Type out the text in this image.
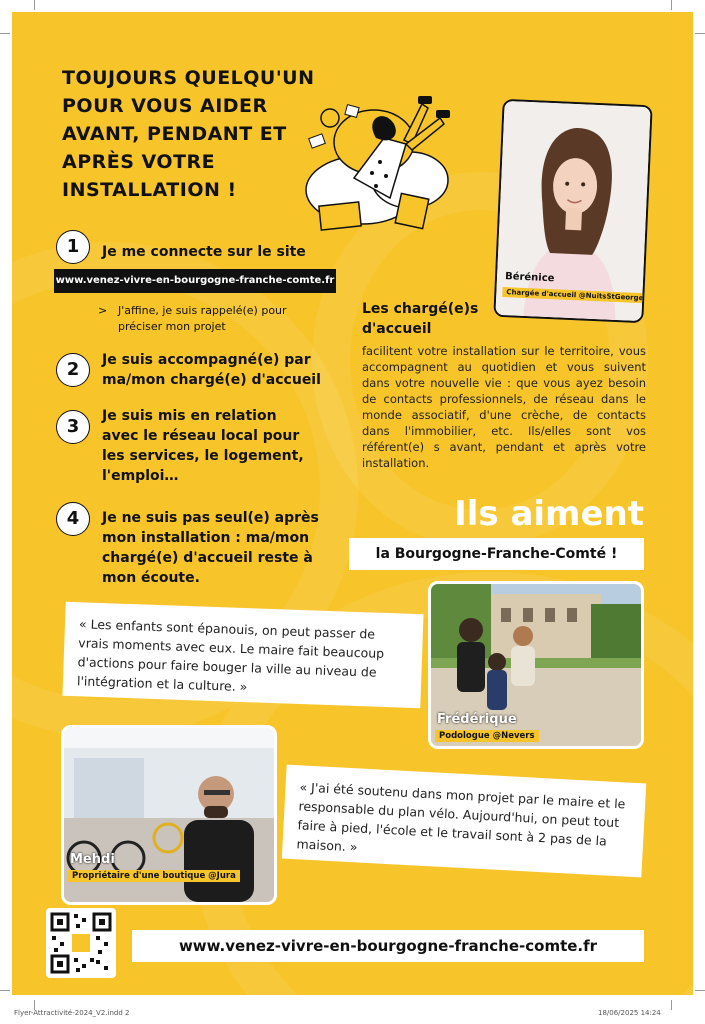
TOUJOURS QUELQU'UN POUR VOUS AIDER AVANT, PENDANT ET APRÈS VOTRE INSTALLATION !
Bérénice
Chargée d'accueil @NuitsStGeorges
1	Je me connecte sur le site

www.venez-vivre-en-bourgogne-franche-comte.fr
> J'affine, je suis rappelé(e) pour préciser mon projet
2	Je suis accompagné(e) par ma/mon chargé(e) d'accueil

3	Je suis mis en relation avec le réseau local pour les services, le logement, l'emploi…

4	Je ne suis pas seul(e) après mon installation : ma/mon chargé(e) d'accueil reste à mon écoute.

Les chargé(e)s d'accueil

facilitent votre installation sur le territoire, vous accompagnent au quotidien et vous suivent dans votre nouvelle vie : que vous ayez besoin de contacts professionnels, de réseau dans le monde associatif, d'une crèche, de contacts dans l'immobilier, etc. Ils/elles sont vos référent(e) s avant, pendant et après votre installation.

Ils aiment
la Bourgogne-Franche-Comté !
« Les enfants sont épanouis, on peut passer de vrais moments avec eux. Le maire fait beaucoup d'actions pour faire bouger la ville au niveau de l'intégration et la culture. »
Frédérique
Podologue @Nevers
Mehdi
Propriétaire d'une boutique @Jura
« J'ai été soutenu dans mon projet par le maire et le responsable du plan vélo. Aujourd'hui, on peut tout faire à pied, l'école et le travail sont à 2 pas de la maison. »
www.venez-vivre-en-bourgogne-franche-comte.fr
Flyer-Attractivité-2024_V2.indd 2	18/06/2025 14:24
